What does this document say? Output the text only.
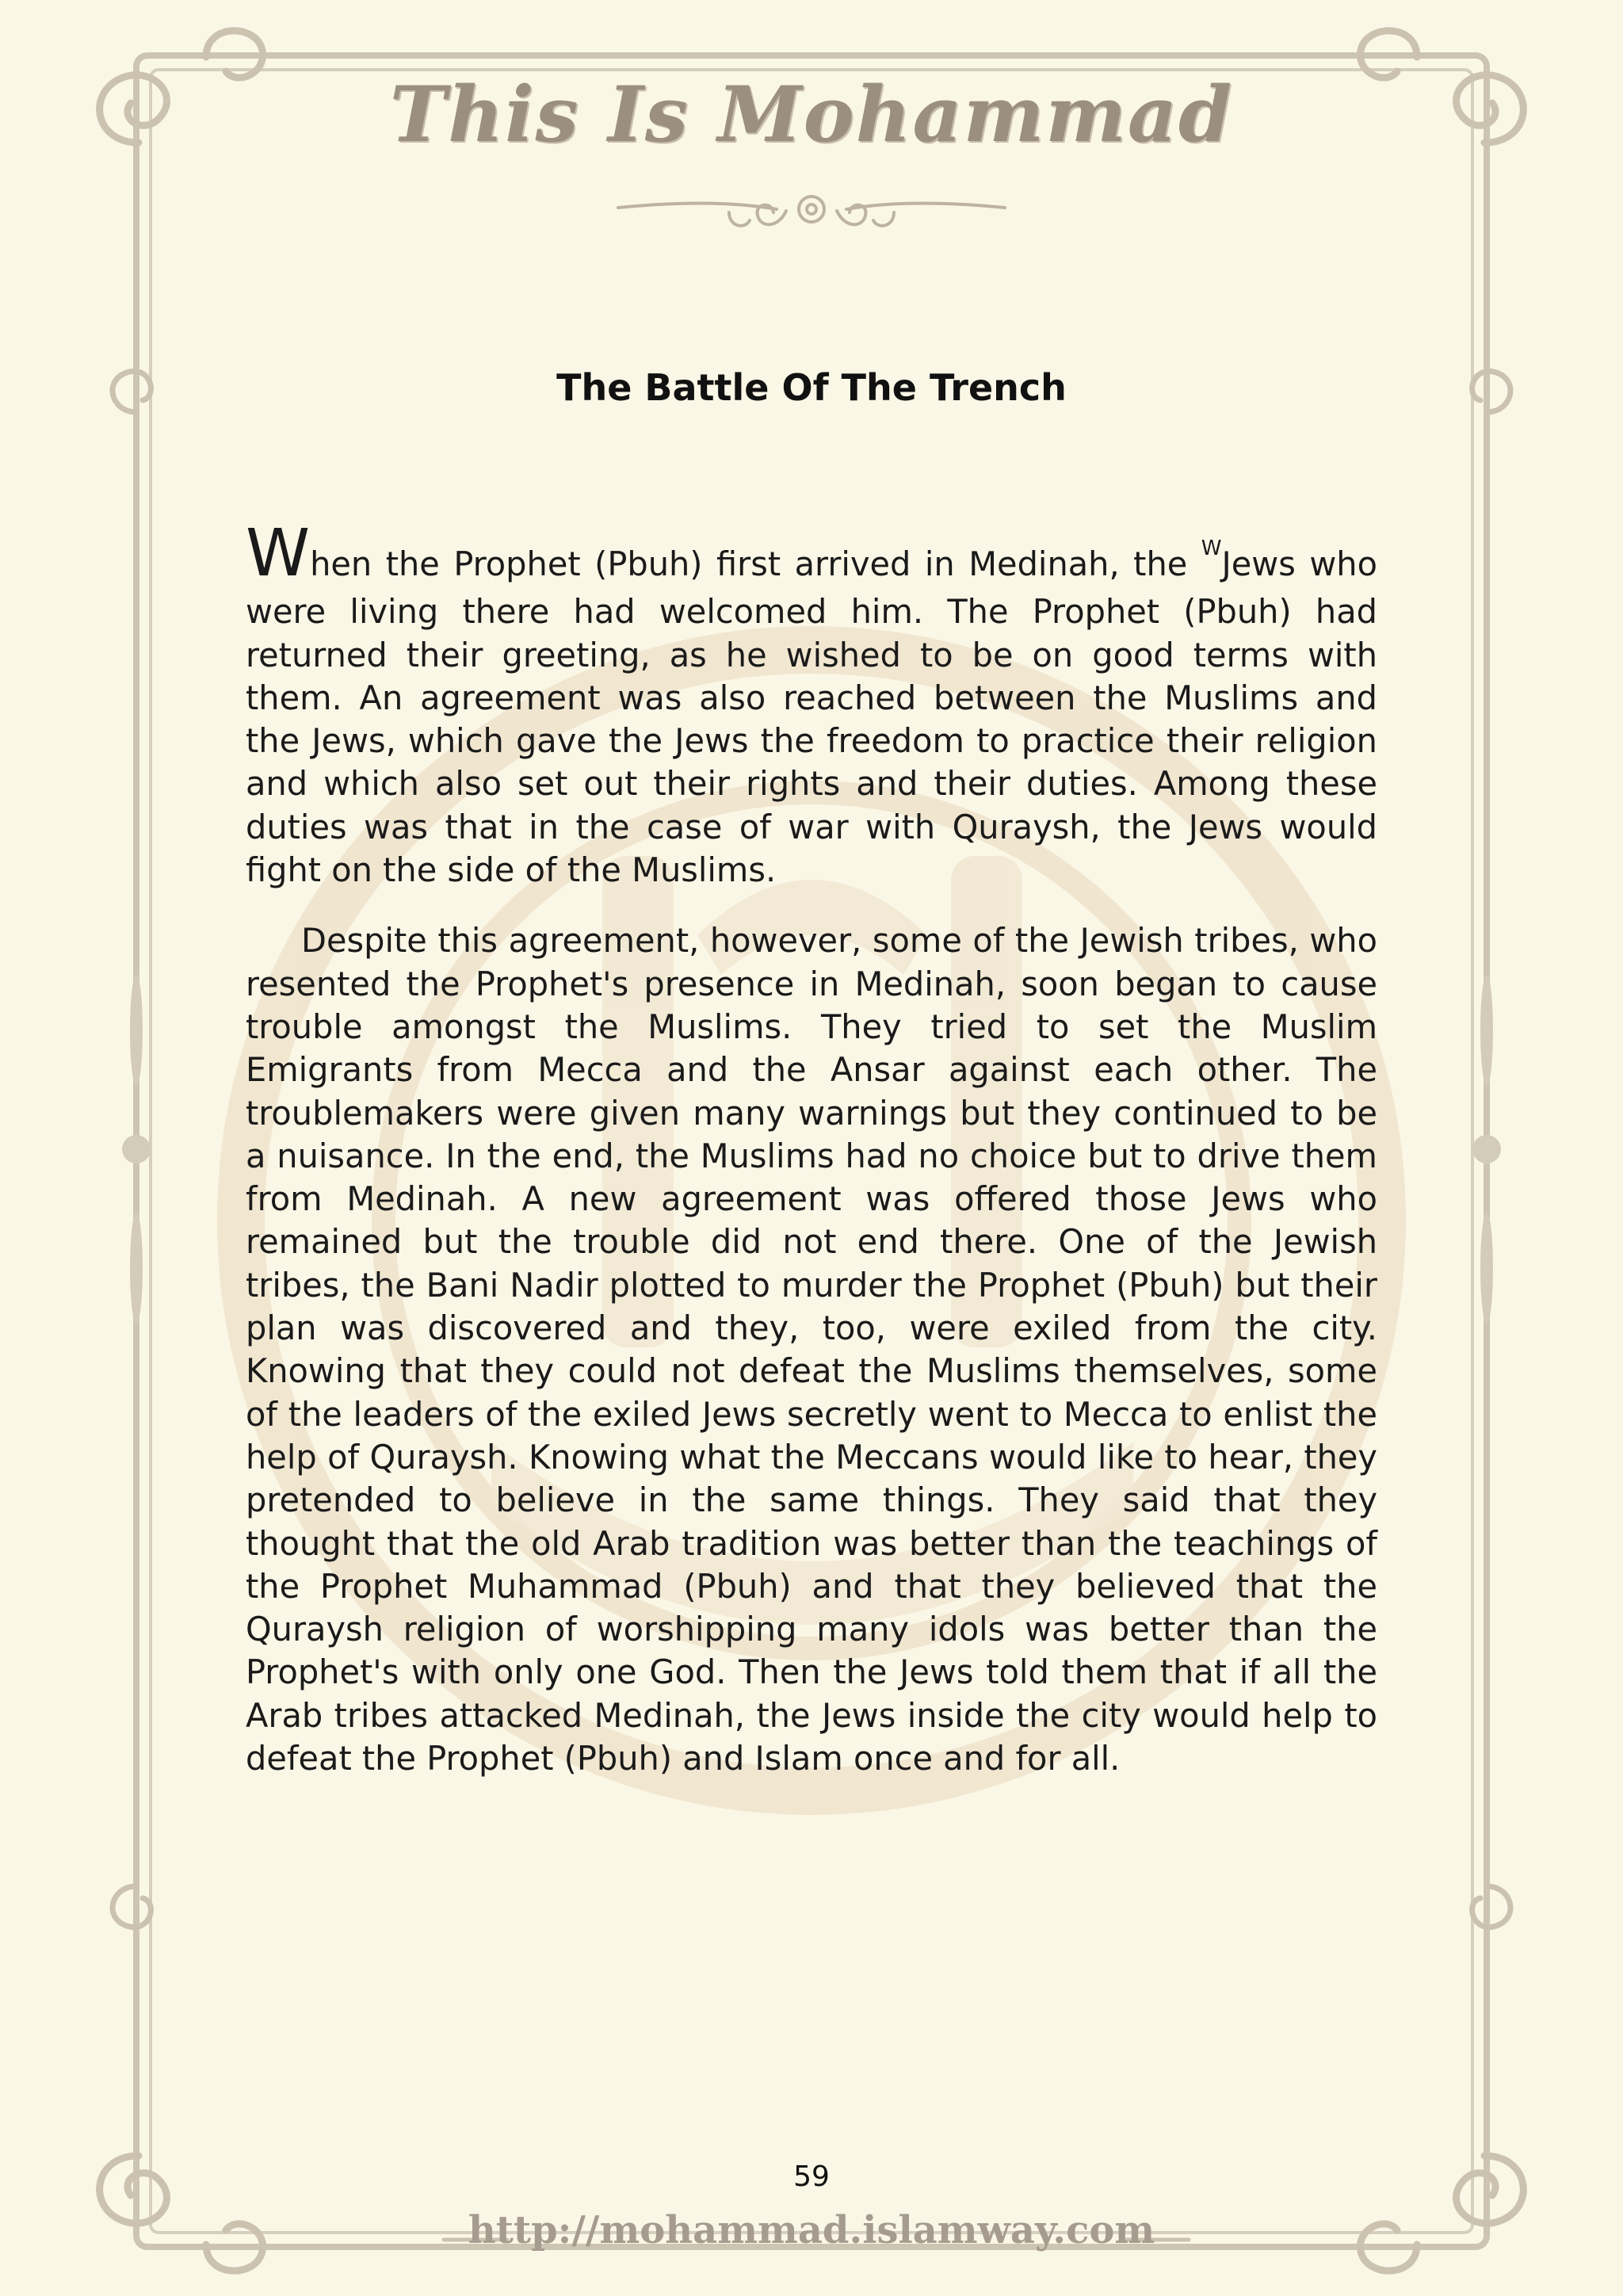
This Is Mohammad
The Battle Of The Trench

When the Prophet (Pbuh) first arrived in Medinah, the $^W$Jews who were living there had welcomed him. The Prophet (Pbuh) had returned their greeting, as he wished to be on good terms with them. An agreement was also reached between the Muslims and the Jews, which gave the Jews the freedom to practice their religion and which also set out their rights and their duties. Among these duties was that in the case of war with Quraysh, the Jews would fight on the side of the Muslims.

Despite this agreement, however, some of the Jewish tribes, who resented the Prophet's presence in Medinah, soon began to cause trouble amongst the Muslims. They tried to set the Muslim Emigrants from Mecca and the Ansar against each other. The troublemakers were given many warnings but they continued to be a nuisance. In the end, the Muslims had no choice but to drive them from Medinah. A new agreement was offered those Jews who remained but the trouble did not end there. One of the Jewish tribes, the Bani Nadir plotted to murder the Prophet (Pbuh) but their plan was discovered and they, too, were exiled from the city. Knowing that they could not defeat the Muslims themselves, some of the leaders of the exiled Jews secretly went to Mecca to enlist the help of Quraysh. Knowing what the Meccans would like to hear, they pretended to believe in the same things. They said that they thought that the old Arab tradition was better than the teachings of the Prophet Muhammad (Pbuh) and that they believed that the Quraysh religion of worshipping many idols was better than the Prophet's with only one God. Then the Jews told them that if all the Arab tribes attacked Medinah, the Jews inside the city would help to defeat the Prophet (Pbuh) and Islam once and for all.

59
http://mohammad.islamway.com
